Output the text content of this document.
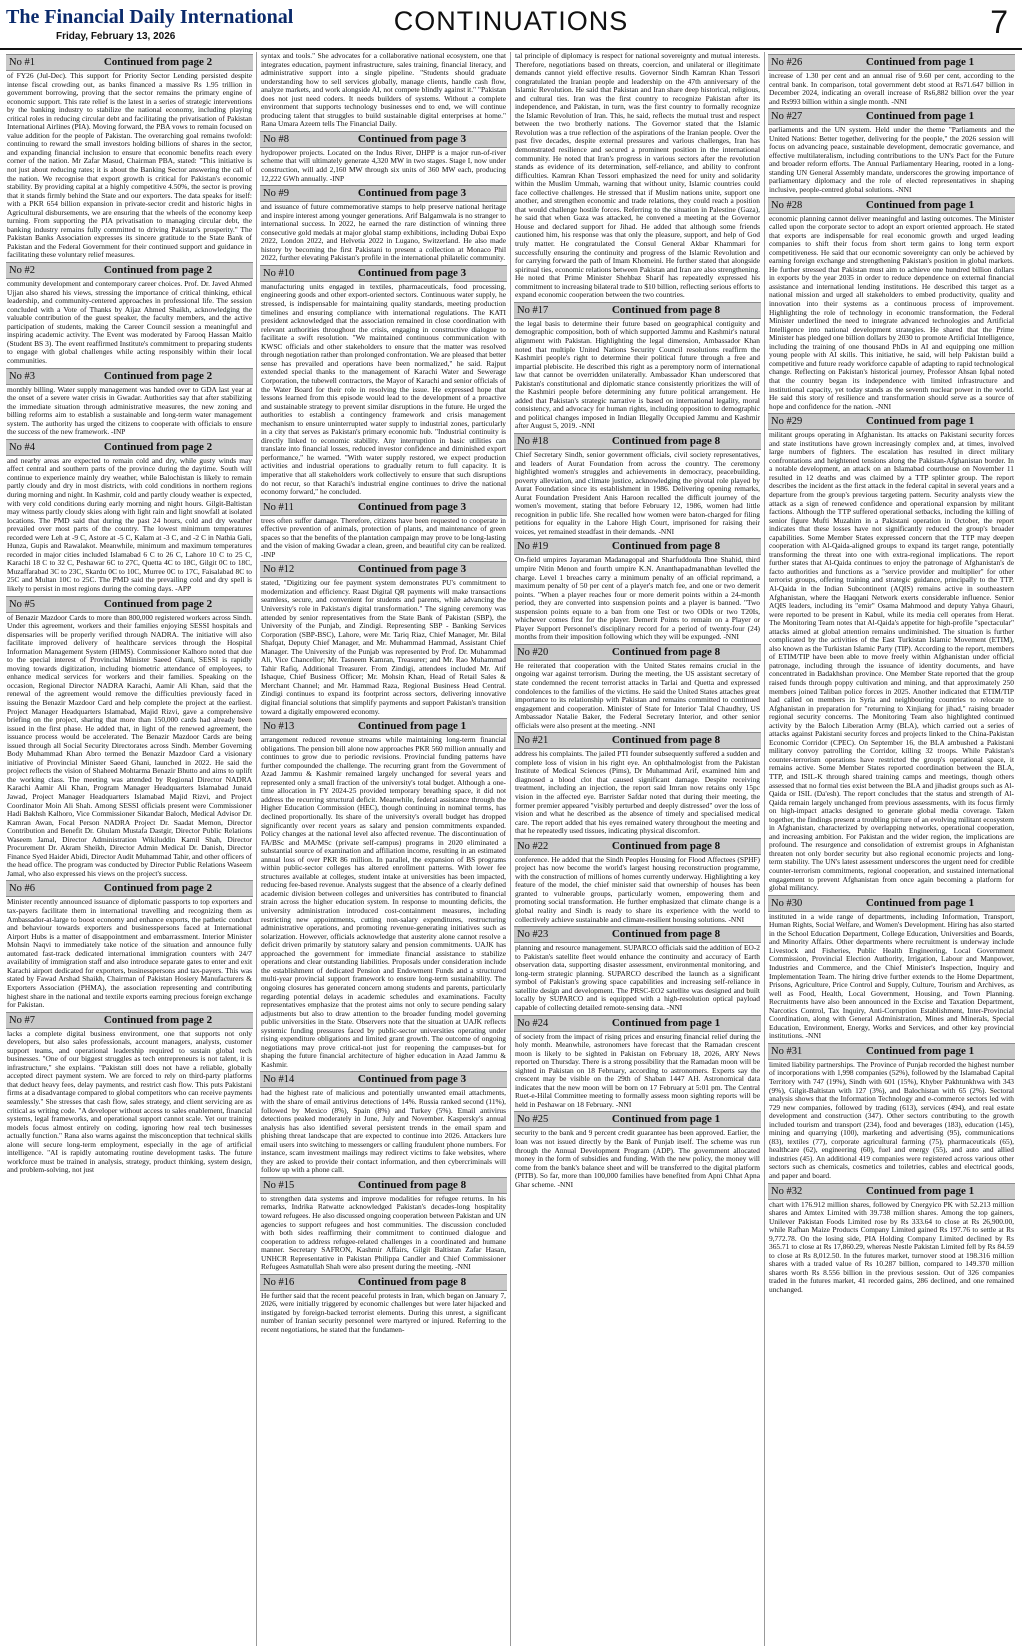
The Financial Daily International
Friday, February 13, 2026
CONTINUATIONS	7
No #1	Continued from page 2

of FY26 (Jul-Dec). This support for Priority Sector Lending persisted despite intense fiscal crowding out, as banks financed a massive Rs 1.95 trillion in government borrowing, proving that the sector remains the primary engine of economic support. This rate relief is the latest in a series of strategic interventions by the banking industry to stabilize the national economy, including playing critical roles in reducing circular debt and facilitating the privatisation of Pakistan International Airlines (PIA). Moving forward, the PBA vows to remain focused on value addition for the people of Pakistan. The overarching goal remains twofold: continuing to reward the small investors holding billions of shares in the sector, and expanding financial inclusion to ensure that economic benefits reach every corner of the nation. Mr Zafar Masud, Chairman PBA, stated: "This initiative is not just about reducing rates; it is about the Banking Sector answering the call of the nation. We recognise that export growth is critical for Pakistan's economic stability. By providing capital at a highly competitive 4.50%, the sector is proving that it stands firmly behind the State and our exporters. The data speaks for itself: with a PKR 654 billion expansion in private-sector credit and historic highs in Agricultural disbursements, we are ensuring that the wheels of the economy keep turning. From supporting the PIA privatisation to managing circular debt, the banking industry remains fully committed to driving Pakistan's prosperity." The Pakistan Banks Association expresses its sincere gratitude to the State Bank of Pakistan and the Federal Government for their continued support and guidance in facilitating these voluntary relief measures.

No #2	Continued from page 2

community development and contemporary career choices. Prof. Dr. Javed Ahmed Ujjan also shared his views, stressing the importance of critical thinking, ethical leadership, and community-centered approaches in professional life. The session concluded with a Vote of Thanks by Aijaz Ahmed Shaikh, acknowledging the valuable contribution of the guest speaker, the faculty members, and the active participation of students, making the Career Council session a meaningful and inspiring academic activity. The Event was moderated by Farooq Hassan Maitlo (Student BS 3). The event reaffirmed Institute's commitment to preparing students to engage with global challenges while acting responsibly within their local communities.

No #3	Continued from page 2

monthly billing. Water supply management was handed over to GDA last year at the onset of a severe water crisis in Gwadar. Authorities say that after stabilizing the immediate situation through administrative measures, the new zoning and billing reforms aim to establish a sustainable and long-term water management system. The authority has urged the citizens to cooperate with officials to ensure the success of the new framework. -INP

No #4	Continued from page 2

and nearby areas are expected to remain cold and dry, while gusty winds may affect central and southern parts of the province during the daytime. South will continue to experience mainly dry weather, while Balochistan is likely to remain partly cloudy and dry in most districts, with cold conditions in northern regions during morning and night. In Kashmir, cold and partly cloudy weather is expected, with very cold conditions during early morning and night hours. Gilgit-Baltistan may witness partly cloudy skies along with light rain and light snowfall at isolated locations. The PMD said that during the past 24 hours, cold and dry weather prevailed over most parts of the country. The lowest minimum temperatures recorded were Leh at -9 C, Astore at -5 C, Kalam at -3 C, and -2 C in Nathia Gali, Hunza, Gupis and Rawalakot. Meanwhile, minimum and maximum temperatures recorded in major cities included Islamabad 6 C to 26 C, Lahore 10 C to 25 C, Karachi 18 C to 32 C, Peshawar 6C to 27C, Quetta 4C to 18C, Gilgit 0C to 18C, Muzaffarabad 3C to 23C, Skardu 0C to 10C, Murree 0C to 17C, Faisalabad 8C to 25C and Multan 10C to 25C. The PMD said the prevailing cold and dry spell is likely to persist in most regions during the coming days. -APP

No #5	Continued from page 2

of Benazir Mazdoor Cards to more than 800,000 registered workers across Sindh. Under this agreement, workers and their families enjoying SESSI hospitals and dispensaries will be properly verified through NADRA. The initiative will also facilitate improved delivery of healthcare services through the Hospital Information Management System (HIMS). Commissioner Kalhoro noted that due to the special interest of Provincial Minister Saeed Ghani, SESSI is rapidly moving towards digitization, including biometric attendance of employees, to enhance medical services for workers and their families. Speaking on the occasion, Regional Director NADRA Karachi, Aamir Ali Khan, said that the renewal of the agreement would remove the difficulties previously faced in issuing the Benazir Mazdoor Card and help complete the project at the earliest. Project Manager Headquarters Islamabad, Majid Rizvi, gave a comprehensive briefing on the project, sharing that more than 150,000 cards had already been issued in the first phase. He added that, in light of the renewed agreement, the issuance process would be accelerated. The Benazir Mazdoor Cards are being issued through all Social Security Directorates across Sindh. Member Governing Body Muhammad Khan Abro termed the Benazir Mazdoor Card a visionary initiative of Provincial Minister Saeed Ghani, launched in 2022. He said the project reflects the vision of Shaheed Mohtarma Benazir Bhutto and aims to uplift the working class. The meeting was attended by Regional Director NADRA Karachi Aamir Ali Khan, Program Manager Headquarters Islamabad Junaid Jawad, Project Manager Headquarters Islamabad Majid Rizvi, and Project Coordinator Moin Ali Shah. Among SESSI officials present were Commissioner Hadi Bakhsh Kalhoro, Vice Commissioner Sikandar Baloch, Medical Advisor Dr. Kamran Awan, Focal Person NADRA Project Dr. Saadat Memon, Director Contribution and Benefit Dr. Ghulam Mustafa Dastgir, Director Public Relations Waseem Jamal, Director Administration Wikiluddin Kamil Shah, Director Procurement Dr. Akram Sheikh, Director Admin Medical Dr. Danish, Director Finance Syed Haider Abidi, Director Audit Muhammad Tahir, and other officers of the head office. The program was conducted by Director Public Relations Waseem Jamal, who also expressed his views on the project's success.

No #6	Continued from page 2

Minister recently announced issuance of diplomatic passports to top exporters and tax-payers facilitate them in international travelling and recognizing them as Ambassador-at-large to boost economy and enhance exports, the pathetic conduct and behaviour towards exporters and businesspersons faced at International Airport Hubs is a matter of disappointment and embarrassment. Interior Minister Mohsin Naqvi to immediately take notice of the situation and announce fully automated fast-track dedicated international immigration counters with 24/7 availability of immigration staff and also introduce separate gates to enter and exit Karachi airport dedicated for exporters, businesspersons and tax-payers. This was stated by Fawad Arshad Shaikh, Chairman of Pakistan Hosiery Manufacturers & Exporters Association (PHMA), the association representing and contributing highest share in the national and textile exports earning precious foreign exchange for Pakistan.

No #7	Continued from page 2

lacks a complete digital business environment, one that supports not only developers, but also sales professionals, account managers, analysts, customer support teams, and operational leadership required to sustain global tech businesses. "One of our biggest struggles as tech entrepreneurs is not talent, it is infrastructure," she explains. "Pakistan still does not have a reliable, globally accepted direct payment system. We are forced to rely on third-party platforms that deduct heavy fees, delay payments, and restrict cash flow. This puts Pakistani firms at a disadvantage compared to global competitors who can receive payments seamlessly." She stresses that cash flow, sales strategy, and client servicing are as critical as writing code. "A developer without access to sales enablement, financial systems, legal frameworks, and operational support cannot scale. Yet our training models focus almost entirely on coding, ignoring how real tech businesses actually function." Rana also warns against the misconception that technical skills alone will secure long-term employment, especially in the age of artificial intelligence. "AI is rapidly automating routine development tasks. The future workforce must be trained in analysis, strategy, product thinking, system design, and problem-solving, not just

syntax and tools." She advocates for a collaborative national ecosystem, one that integrates education, payment infrastructure, sales training, financial literacy, and administrative support into a single pipeline. "Students should graduate understanding how to sell services globally, manage clients, handle cash flow, analyze markets, and work alongside AI, not compete blindly against it." "Pakistan does not just need coders. It needs builders of systems. Without a complete environment that supports technology businesses end to end, we will continue producing talent that struggles to build sustainable digital enterprises at home." Rana Umara Azeem tells The Financial Daily.

No #8	Continued from page 3

hydropower projects. Located on the Indus River, DHPP is a major run-of-river scheme that will ultimately generate 4,320 MW in two stages. Stage I, now under construction, will add 2,160 MW through six units of 360 MW each, producing 12,222 GWh annually. -INP

No #9	Continued from page 3

and issuance of future commemorative stamps to help preserve national heritage and inspire interest among younger generations. Arif Balgamwala is no stranger to international success. In 2022, he earned the rare distinction of winning three consecutive gold medals at major global stamp exhibitions, including Dubai Expo 2022, London 2022, and Helvetia 2022 in Lugano, Switzerland. He also made history by becoming the first Pakistani to present a collection at Monaco Phil 2022, further elevating Pakistan's profile in the international philatelic community.

No #10	Continued from page 3

manufacturing units engaged in textiles, pharmaceuticals, food processing, engineering goods and other export-oriented sectors. Continuous water supply, he stressed, is indispensable for maintaining quality standards, meeting production timelines and ensuring compliance with international regulations. The KATI president acknowledged that the association remained in close coordination with relevant authorities throughout the crisis, engaging in constructive dialogue to facilitate a swift resolution. "We maintained continuous communication with KWSC officials and other stakeholders to ensure that the matter was resolved through negotiation rather than prolonged confrontation. We are pleased that better sense has prevailed and operations have been normalized," he said. Rajput extended special thanks to the management of Karachi Water and Sewerage Corporation, the tubewell contractors, the Mayor of Karachi and senior officials of the Water Board for their role in resolving the issue. He expressed hope that lessons learned from this episode would lead to the development of a proactive and sustainable strategy to prevent similar disruptions in the future. He urged the authorities to establish a contingency framework and crisis management mechanism to ensure uninterrupted water supply to industrial zones, particularly in a city that serves as Pakistan's primary economic hub. "Industrial continuity is directly linked to economic stability. Any interruption in basic utilities can translate into financial losses, reduced investor confidence and diminished export performance," he warned. "With water supply restored, we expect production activities and industrial operations to gradually return to full capacity. It is imperative that all stakeholders work collectively to ensure that such disruptions do not recur, so that Karachi's industrial engine continues to drive the national economy forward," he concluded.

No #11	Continued from page 3

trees often suffer damage. Therefore, citizens have been requested to cooperate in effective prevention of animals, protection of plants, and maintenance of green spaces so that the benefits of the plantation campaign may prove to be long-lasting and the vision of making Gwadar a clean, green, and beautiful city can be realized. -INP

No #12	Continued from page 3

stated, "Digitizing our fee payment system demonstrates PU's commitment to modernization and efficiency. Raast Digital QR payments will make transactions seamless, secure, and convenient for students and parents, while advancing the University's role in Pakistan's digital transformation." The signing ceremony was attended by senior representatives from the State Bank of Pakistan (SBP), the University of the Punjab, and Zindigi. Representing SBP - Banking Services Corporation (SBP-BSC), Lahore, were Mr. Tariq Riaz, Chief Manager, Mr. Bilal Shafqat, Deputy Chief Manager, and Mr. Muhammad Hammad, Assistant Chief Manager. The University of the Punjab was represented by Prof. Dr. Muhammad Ali, Vice Chancellor; Mr. Tasneem Kamran, Treasurer; and Mr. Rao Muhammad Tahir Rafiq, Additional Treasurer. From Zindigi, attendees included Mr. Atif Ishaque, Chief Business Officer; Mr. Mohsin Khan, Head of Retail Sales & Merchant Channel; and Mr. Hammad Raza, Regional Business Head Central. Zindigi continues to expand its footprint across sectors, delivering innovative digital financial solutions that simplify payments and support Pakistan's transition toward a digitally empowered economy.

No #13	Continued from page 1

arrangement reduced revenue streams while maintaining long-term financial obligations. The pension bill alone now approaches PKR 560 million annually and continues to grow due to periodic revisions. Provincial funding patterns have further compounded the challenge. The recurring grant from the Government of Azad Jammu & Kashmir remained largely unchanged for several years and represented only a small fraction of the university's total budget. Although a one-time allocation in FY 2024-25 provided temporary breathing space, it did not address the recurring structural deficit. Meanwhile, federal assistance through the Higher Education Commission (HEC), though continuing in nominal terms, has declined proportionally. Its share of the university's overall budget has dropped significantly over recent years as salary and pension commitments expanded. Policy changes at the national level also affected revenue. The discontinuation of FA/BSc and MA/MSc (private self-campus) programs in 2020 eliminated a substantial source of examination and affiliation income, resulting in an estimated annual loss of over PKR 86 million. In parallel, the expansion of BS programs within public-sector colleges has altered enrollment patterns. With lower fee structures available at colleges, student intake at universities has been impacted, reducing fee-based revenue. Analysts suggest that the absence of a clearly defined academic division between colleges and universities has contributed to financial strain across the higher education system. In response to mounting deficits, the university administration introduced cost-containment measures, including restricting new appointments, cutting non-salary expenditures, restructuring administrative operations, and promoting revenue-generating initiatives such as solarization. However, officials acknowledge that austerity alone cannot resolve a deficit driven primarily by statutory salary and pension commitments. UAJK has approached the government for immediate financial assistance to stabilize operations and clear outstanding liabilities. Proposals under consideration include the establishment of dedicated Pension and Endowment Funds and a structured multi-year provincial support framework to ensure long-term sustainability. The ongoing closures has generated concern among students and parents, particularly regarding potential delays in academic schedules and examinations. Faculty representatives emphasize that the protest aims not only to secure pending salary adjustments but also to draw attention to the broader funding model governing public universities in the State. Observers note that the situation at UAJK reflects systemic funding pressures faced by public-sector universities operating under rising expenditure obligations and limited grant growth. The outcome of ongoing negotiations may prove critical-not just for reopening the campuses-but for shaping the future financial architecture of higher education in Azad Jammu & Kashmir.

No #14	Continued from page 3

had the highest rate of malicious and potentially unwanted email attachments, with the share of email antivirus detections of 14%. Russia ranked second (11%), followed by Mexico (8%), Spain (8%) and Turkey (5%). Email antivirus detections peaked moderately in June, July and November. Kaspersky's annual analysis has also identified several persistent trends in the email spam and phishing threat landscape that are expected to continue into 2026. Attackers lure email users into switching to messengers or calling fraudulent phone numbers. For instance, scam investment mailings may redirect victims to fake websites, where they are asked to provide their contact information, and then cybercriminals will follow up with a phone call.

No #15	Continued from page 8

to strengthen data systems and improve modalities for refugee returns. In his remarks, Indrika Ratwatte acknowledged Pakistan's decades-long hospitality toward refugees. He also discussed ongoing cooperation between Pakistan and UN agencies to support refugees and host communities. The discussion concluded with both sides reaffirming their commitment to continued dialogue and cooperation to address refugee-related challenges in a coordinated and humane manner. Secretary SAFRON, Kashmir Affairs, Gilgit Baltistan Zafar Hasan, UNHCR Representative in Pakistan Philippa Candler and Chief Commissioner Refugees Asmatullah Shah were also present during the meeting. -NNI

No #16	Continued from page 8

He further said that the recent peaceful protests in Iran, which began on January 7, 2026, were initially triggered by economic challenges but were later hijacked and instigated by foreign-backed terrorist elements. During this unrest, a significant number of Iranian security personnel were martyred or injured. Referring to the recent negotiations, he stated that the fundamen-

tal principle of diplomacy is respect for national sovereignty and mutual interests. Therefore, negotiations based on threats, coercion, and unilateral or illegitimate demands cannot yield effective results. Governor Sindh Kamran Khan Tessori congratulated the Iranian people and leadership on the 47th anniversary of the Islamic Revolution. He said that Pakistan and Iran share deep historical, religious, and cultural ties. Iran was the first country to recognize Pakistan after its independence, and Pakistan, in turn, was the first country to formally recognize the Islamic Revolution of Iran. This, he said, reflects the mutual trust and respect between the two brotherly nations. The Governor stated that the Islamic Revolution was a true reflection of the aspirations of the Iranian people. Over the past five decades, despite external pressures and various challenges, Iran has demonstrated resilience and secured a prominent position in the international community. He noted that Iran's progress in various sectors after the revolution stands as evidence of its determination, self-reliance, and ability to confront difficulties. Kamran Khan Tessori emphasized the need for unity and solidarity within the Muslim Ummah, warning that without unity, Islamic countries could face collective challenges. He stressed that if Muslim nations unite, support one another, and strengthen economic and trade relations, they could reach a position that would challenge hostile forces. Referring to the situation in Palestine (Gaza), he said that when Gaza was attacked, he convened a meeting at the Governor House and declared support for Jihad. He added that although some friends cautioned him, his response was that only the pleasure, support, and help of God truly matter. He congratulated the Consul General Akbar Khammari for successfully ensuring the continuity and progress of the Islamic Revolution and for carrying forward the path of Imam Khomeini. He further stated that alongside spiritual ties, economic relations between Pakistan and Iran are also strengthening. He noted that Prime Minister Shehbaz Sharif has repeatedly expressed his commitment to increasing bilateral trade to $10 billion, reflecting serious efforts to expand economic cooperation between the two countries.

No #17	Continued from page 8

the legal basis to determine their future based on geographical contiguity and demographic composition, both of which supported Jammu and Kashmir's natural alignment with Pakistan. Highlighting the legal dimension, Ambassador Khan noted that multiple United Nations Security Council resolutions reaffirm the Kashmiri people's right to determine their political future through a free and impartial plebiscite. He described this right as a peremptory norm of international law that cannot be overridden unilaterally. Ambassador Khan underscored that Pakistan's constitutional and diplomatic stance consistently prioritizes the will of the Kashmiri people before determining any future political arrangement. He added that Pakistan's strategic narrative is based on international legality, moral consistency, and advocacy for human rights, including opposition to demographic and political changes imposed in Indian Illegally Occupied Jammu and Kashmir after August 5, 2019. -NNI

No #18	Continued from page 8

Chief Secretary Sindh, senior government officials, civil society representatives, and leaders of Aurat Foundation from across the country. The ceremony highlighted women's struggles and achievements in democracy, peacebuilding, poverty alleviation, and climate justice, acknowledging the pivotal role played by Aurat Foundation since its establishment in 1986. Delivering opening remarks, Aurat Foundation President Anis Haroon recalled the difficult journey of the women's movement, stating that before February 12, 1986, women had little recognition in public life. She recalled how women were baton-charged for filing petitions for equality in the Lahore High Court, imprisoned for raising their voices, yet remained steadfast in their demands. -NNI

No #19	Continued from page 8

On-field umpires Jayaraman Madanagopal and Sharfuddoula Ibne Shahid, third umpire Nitin Menon and fourth umpire K.N. Ananthapadmanabhan levelled the charge. Level 1 breaches carry a minimum penalty of an official reprimand, a maximum penalty of 50 per cent of a player's match fee, and one or two demerit points. "When a player reaches four or more demerit points within a 24-month period, they are converted into suspension points and a player is banned. "Two suspension points equate to a ban from one Test or two ODIs or two T20Is, whichever comes first for the player. Demerit Points to remain on a Player or Player Support Personnel's disciplinary record for a period of twenty-four (24) months from their imposition following which they will be expunged. -NNI

No #20	Continued from page 8

He reiterated that cooperation with the United States remains crucial in the ongoing war against terrorism. During the meeting, the US assistant secretary of state condemned the recent terrorist attacks in Tarlai and Quetta and expressed condolences to the families of the victims. He said the United States attaches great importance to its relationship with Pakistan and remains committed to continued engagement and cooperation. Minister of State for Interior Talal Chaudhry, US Ambassador Natalie Baker, the Federal Secretary Interior, and other senior officials were also present at the meeting. -NNI

No #21	Continued from page 8

address his complaints. The jailed PTI founder subsequently suffered a sudden and complete loss of vision in his right eye. An ophthalmologist from the Pakistan Institute of Medical Sciences (Pims), Dr Muhammad Arif, examined him and diagnosed a blood clot that caused significant damage. Despite receiving treatment, including an injection, the report said Imran now retains only 15pc vision in the affected eye. Barrister Safdar noted that during their meeting, the former premier appeared "visibly perturbed and deeply distressed" over the loss of vision and what he described as the absence of timely and specialised medical care. The report added that his eyes remained watery throughout the meeting and that he repeatedly used tissues, indicating physical discomfort.

No #22	Continued from page 8

conference. He added that the Sindh Peoples Housing for Flood Affectees (SPHF) project has now become the world's largest housing reconstruction programme, with the construction of millions of homes currently underway. Highlighting a key feature of the model, the chief minister said that ownership of houses has been granted to vulnerable groups, particularly women, empowering them and promoting social transformation. He further emphasized that climate change is a global reality and Sindh is ready to share its experience with the world to collectively achieve sustainable and climate-resilient housing solutions. -NNI

No #23	Continued from page 8

planning and resource management. SUPARCO officials said the addition of EO-2 to Pakistan's satellite fleet would enhance the continuity and accuracy of Earth observation data, supporting disaster assessment, environmental monitoring, and long-term strategic planning. SUPARCO described the launch as a significant symbol of Pakistan's growing space capabilities and increasing self-reliance in satellite design and development. The PRSC-EO2 satellite was designed and built locally by SUPARCO and is equipped with a high-resolution optical payload capable of collecting detailed remote-sensing data. -NNI

No #24	Continued from page 1

of society from the impact of rising prices and ensuring financial relief during the holy month. Meanwhile, astronomers have forecast that the Ramadan crescent moon is likely to be sighted in Pakistan on February 18, 2026, ARY News reported on Thursday. There is a strong possibility that the Ramadan moon will be sighted in Pakistan on 18 February, according to astronomers. Experts say the crescent may be visible on the 29th of Shaban 1447 AH. Astronomical data indicates that the new moon will be born on 17 February at 5:01 pm. The Central Ruet-e-Hilal Committee meeting to formally assess moon sighting reports will be held in Peshawar on 18 February. -NNI

No #25	Continued from page 1

security to the bank and 9 percent credit guarantee has been approved. Earlier, the loan was not issued directly by the Bank of Punjab itself. The scheme was run through the Annual Development Program (ADP). The government allocated money in the form of subsidies and funding. With the new policy, the money will come from the bank's balance sheet and will be transferred to the digital platform (PITB). So far, more than 100,000 families have benefited from Apni Chhat Apna Ghar scheme. -NNI

No #26	Continued from page 1

increase of 1.30 per cent and an annual rise of 9.60 per cent, according to the central bank. In comparison, total government debt stood at Rs71.647 billion in December 2024, indicating an overall increase of Rs6,882 billion over the year and Rs993 billion within a single month. -NNI

No #27	Continued from page 1

parliaments and the UN system. Held under the theme "Parliaments and the United Nations: Better together, delivering for the people," the 2026 session will focus on advancing peace, sustainable development, democratic governance, and effective multilateralism, including contributions to the UN's Pact for the Future and broader reform efforts. The Annual Parliamentary Hearing, rooted in a long-standing UN General Assembly mandate, underscores the growing importance of parliamentary diplomacy and the role of elected representatives in shaping inclusive, people-centred global solutions. -NNI

No #28	Continued from page 1

economic planning cannot deliver meaningful and lasting outcomes. The Minister called upon the corporate sector to adopt an export oriented approach. He stated that exports are indispensable for real economic growth and urged leading companies to shift their focus from short term gains to long term export competitiveness. He said that our economic sovereignty can only be achieved by earning foreign exchange and strengthening Pakistan's position in global markets. He further stressed that Pakistan must aim to achieve one hundred billion dollars in exports by the year 2035 in order to reduce dependence on external financial assistance and international lending institutions. He described this target as a national mission and urged all stakeholders to embed productivity, quality and innovation into their systems as a continuous process of improvement. Highlighting the role of technology in economic transformation, the Federal Minister underlined the need to integrate advanced technologies and Artificial Intelligence into national development strategies. He shared that the Prime Minister has pledged one billion dollars by 2030 to promote Artificial Intelligence, including the training of one thousand PhDs in AI and equipping one million young people with AI skills. This initiative, he said, will help Pakistan build a competitive and future ready workforce capable of adapting to rapid technological change. Reflecting on Pakistan's historical journey, Professor Ahsan Iqbal noted that the country began its independence with limited infrastructure and institutional capacity, yet today stands as the seventh nuclear power in the world. He said this story of resilience and transformation should serve as a source of hope and confidence for the nation. -NNI

No #29	Continued from page 1

militant groups operating in Afghanistan. Its attacks on Pakistani security forces and state institutions have grown increasingly complex and, at times, involved large numbers of fighters. The escalation has resulted in direct military confrontations and heightened tensions along the Pakistan-Afghanistan border. In a notable development, an attack on an Islamabad courthouse on November 11 resulted in 12 deaths and was claimed by a TTP splinter group. The report describes the incident as the first attack in the federal capital in several years and a departure from the group's previous targeting pattern. Security analysts view the attack as a sign of renewed confidence and operational expansion by militant factions. Although the TTP suffered operational setbacks, including the killing of senior figure Mufti Muzahim in a Pakistani operation in October, the report indicates that these losses have not significantly reduced the group's broader capabilities. Some Member States expressed concern that the TTP may deepen cooperation with Al-Qaida-aligned groups to expand its target range, potentially transforming the threat into one with extra-regional implications. The report further states that Al-Qaida continues to enjoy the patronage of Afghanistan's de facto authorities and functions as a "service provider and multiplier" for other terrorist groups, offering training and strategic guidance, principally to the TTP. Al-Qaida in the Indian Subcontinent (AQIS) remains active in southeastern Afghanistan, where the Haqqani Network exerts considerable influence. Senior AQIS leaders, including its "emir" Osama Mahmood and deputy Yahya Ghauri, were reported to be present in Kabul, while its media cell operates from Herat. The Monitoring Team notes that Al-Qaida's appetite for high-profile "spectacular" attacks aimed at global attention remains undiminished. The situation is further complicated by the activities of the East Turkistan Islamic Movement (ETIM), also known as the Turkistan Islamic Party (TIP). According to the report, members of ETIM/TIP have been able to move freely within Afghanistan under official patronage, including through the issuance of identity documents, and have concentrated in Badakhshan province. One Member State reported that the group raised funds through poppy cultivation and mining, and that approximately 250 members joined Taliban police forces in 2025. Another indicated that ETIM/TIP had called on members in Syria and neighbouring countries to relocate to Afghanistan in preparation for "returning to Xinjiang for jihad," raising broader regional security concerns. The Monitoring Team also highlighted continued activity by the Baloch Liberation Army (BLA), which carried out a series of attacks against Pakistani security forces and projects linked to the China-Pakistan Economic Corridor (CPEC). On September 16, the BLA ambushed a Pakistani military convoy patrolling the Corridor, killing 32 troops. While Pakistan's counter-terrorism operations have restricted the group's operational space, it remains active. Some Member States reported coordination between the BLA, TTP, and ISIL-K through shared training camps and meetings, though others assessed that no formal ties exist between the BLA and jihadist groups such as Al-Qaida or ISIL (Da'esh). The report concludes that the status and strength of Al-Qaida remain largely unchanged from previous assessments, with its focus firmly on high-impact attacks designed to generate global media coverage. Taken together, the findings present a troubling picture of an evolving militant ecosystem in Afghanistan, characterized by overlapping networks, operational cooperation, and increasing ambition. For Pakistan and the wider region, the implications are profound. The resurgence and consolidation of extremist groups in Afghanistan threaten not only border security but also regional economic projects and long-term stability. The UN's latest assessment underscores the urgent need for credible counter-terrorism commitments, regional cooperation, and sustained international engagement to prevent Afghanistan from once again becoming a platform for global militancy.

No #30	Continued from page 1

instituted in a wide range of departments, including Information, Transport, Human Rights, Social Welfare, and Women's Development. Hiring has also started in the School Education Department, College Education, Universities and Boards, and Minority Affairs. Other departments where recruitment is underway include Livestock and Fisheries, Public Health Engineering, Local Government Commission, Provincial Election Authority, Irrigation, Labour and Manpower, Industries and Commerce, and the Chief Minister's Inspection, Inquiry and Implementation Team. The hiring drive further extends to the Home Department, Prisons, Agriculture, Price Control and Supply, Culture, Tourism and Archives, as well as Food, Health, Local Government, Housing, and Town Planning. Recruitments have also been announced in the Excise and Taxation Department, Narcotics Control, Tax Inquiry, Anti-Corruption Establishment, Inter-Provincial Coordination, along with General Administration, Mines and Minerals, Special Education, Environment, Energy, Works and Services, and other key provincial institutions. -NNI

No #31	Continued from page 1

limited liability partnerships. The Province of Punjab recorded the highest number of incorporations with 1,998 companies (52%), followed by the Islamabad Capital Territory with 747 (19%), Sindh with 601 (15%), Khyber Pakhtunkhwa with 343 (9%), Gilgit-Baltistan with 127 (3%), and Balochistan with 65 (2%). Sectoral analysis shows that the Information Technology and e-commerce sectors led with 729 new companies, followed by trading (613), services (494), and real estate development and construction (347). Other sectors contributing to the growth included tourism and transport (234), food and beverages (183), education (145), mining and quarrying (100), marketing and advertising (95), communications (83), textiles (77), corporate agricultural farming (75), pharmaceuticals (65), healthcare (62), engineering (60), fuel and energy (55), and auto and allied industries (45). An additional 419 companies were registered across various other sectors such as chemicals, cosmetics and toiletries, cables and electrical goods, and paper and board.

No #32	Continued from page 1

chart with 176.912 million shares, followed by Cnergyico PK with 52.213 million shares and Amtex Limited with 39.738 million shares. Among the top gainers, Unilever Pakistan Foods Limited rose by Rs 333.64 to close at Rs 26,900.00, while Rafhan Maize Products Company Limited gained Rs 197.76 to settle at Rs 9,772.78. On the losing side, PIA Holding Company Limited declined by Rs 365.71 to close at Rs 17,860.29, whereas Nestle Pakistan Limited fell by Rs 84.59 to close at Rs 8,012.50. In the futures market, turnover stood at 198.316 million shares with a traded value of Rs 10.287 billion, compared to 149.370 million shares worth Rs 8.556 billion in the previous session. Out of 326 companies traded in the futures market, 41 recorded gains, 286 declined, and one remained unchanged.
